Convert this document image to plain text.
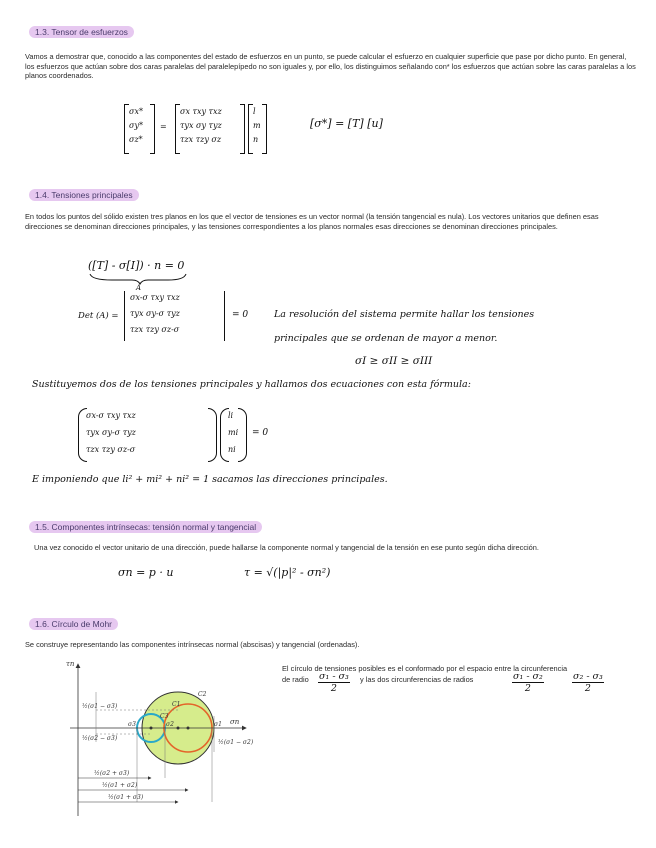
1.3. Tensor de esfuerzos
Vamos a demostrar que, conocido a las componentes del estado de esfuerzos en un punto, se puede calcular el esfuerzo en cualquier superficie que pase por dicho punto. En general, los esfuerzos que actúan sobre dos caras paralelas del paralelepípedo no son iguales y, por ello, los distinguimos señalando con* los esfuerzos que actúan sobre las caras paralelas a los planos coordenados.
σx*
σy*
σz*
=
σx τxy τxz
τyx σy τyz
τzx τzy σz
l
m
n
[σ*] = [T] [u]
1.4. Tensiones principales
En todos los puntos del sólido existen tres planos en los que el vector de tensiones es un vector normal (la tensión tangencial es nula). Los vectores unitarios que definen esas direcciones se denominan direcciones principales, y las tensiones correspondientes a los planos normales esas direcciones se denominan direcciones principales.
([T] - σ[I]) · n = 0
A
Det (A) =
σx-σ τxy τxz
τyx σy-σ τyz
τzx τzy σz-σ
= 0	La resolución del sistema permite hallar los tensiones
principales que se ordenan de mayor a menor.
σI ≥ σII ≥ σIII
Sustituyemos dos de los tensiones principales y hallamos dos ecuaciones con esta fórmula:
σx-σ τxy τxz
τyx σy-σ τyz
τzx τzy σz-σ
li
mi
ni
= 0
E imponiendo que li² + mi² + ni² = 1 sacamos las direcciones principales.
1.5. Componentes intrínsecas: tensión normal y tangencial
Una vez conocido el vector unitario de una dirección, puede hallarse la componente normal y tangencial de la tensión en ese punto según dicha dirección.
σn = p · u	τ = √(|p|² - σn²)
1.6. Círculo de Mohr
Se construye representando las componentes intrínsecas normal (abscisas) y tangencial (ordenadas).
El círculo de tensiones posibles es el conformado por el espacio entre la circunferencia
de radio $\frac{\text{σ₁ - σ₃}}{2}$ y las dos circunferencias de radios	$\frac{\text{σ₁ - σ₂}}{2}$	$\frac{\text{σ₂ - σ₃}}{2}$
τn
σn
C2
C1
C3
σ3	σ2	σ1
½(σ1 − σ3)
½(σ2 − σ3)
½(σ1 − σ2)
½(σ2 + σ3)
½(σ1 + σ2)
½(σ1 + σ3)
